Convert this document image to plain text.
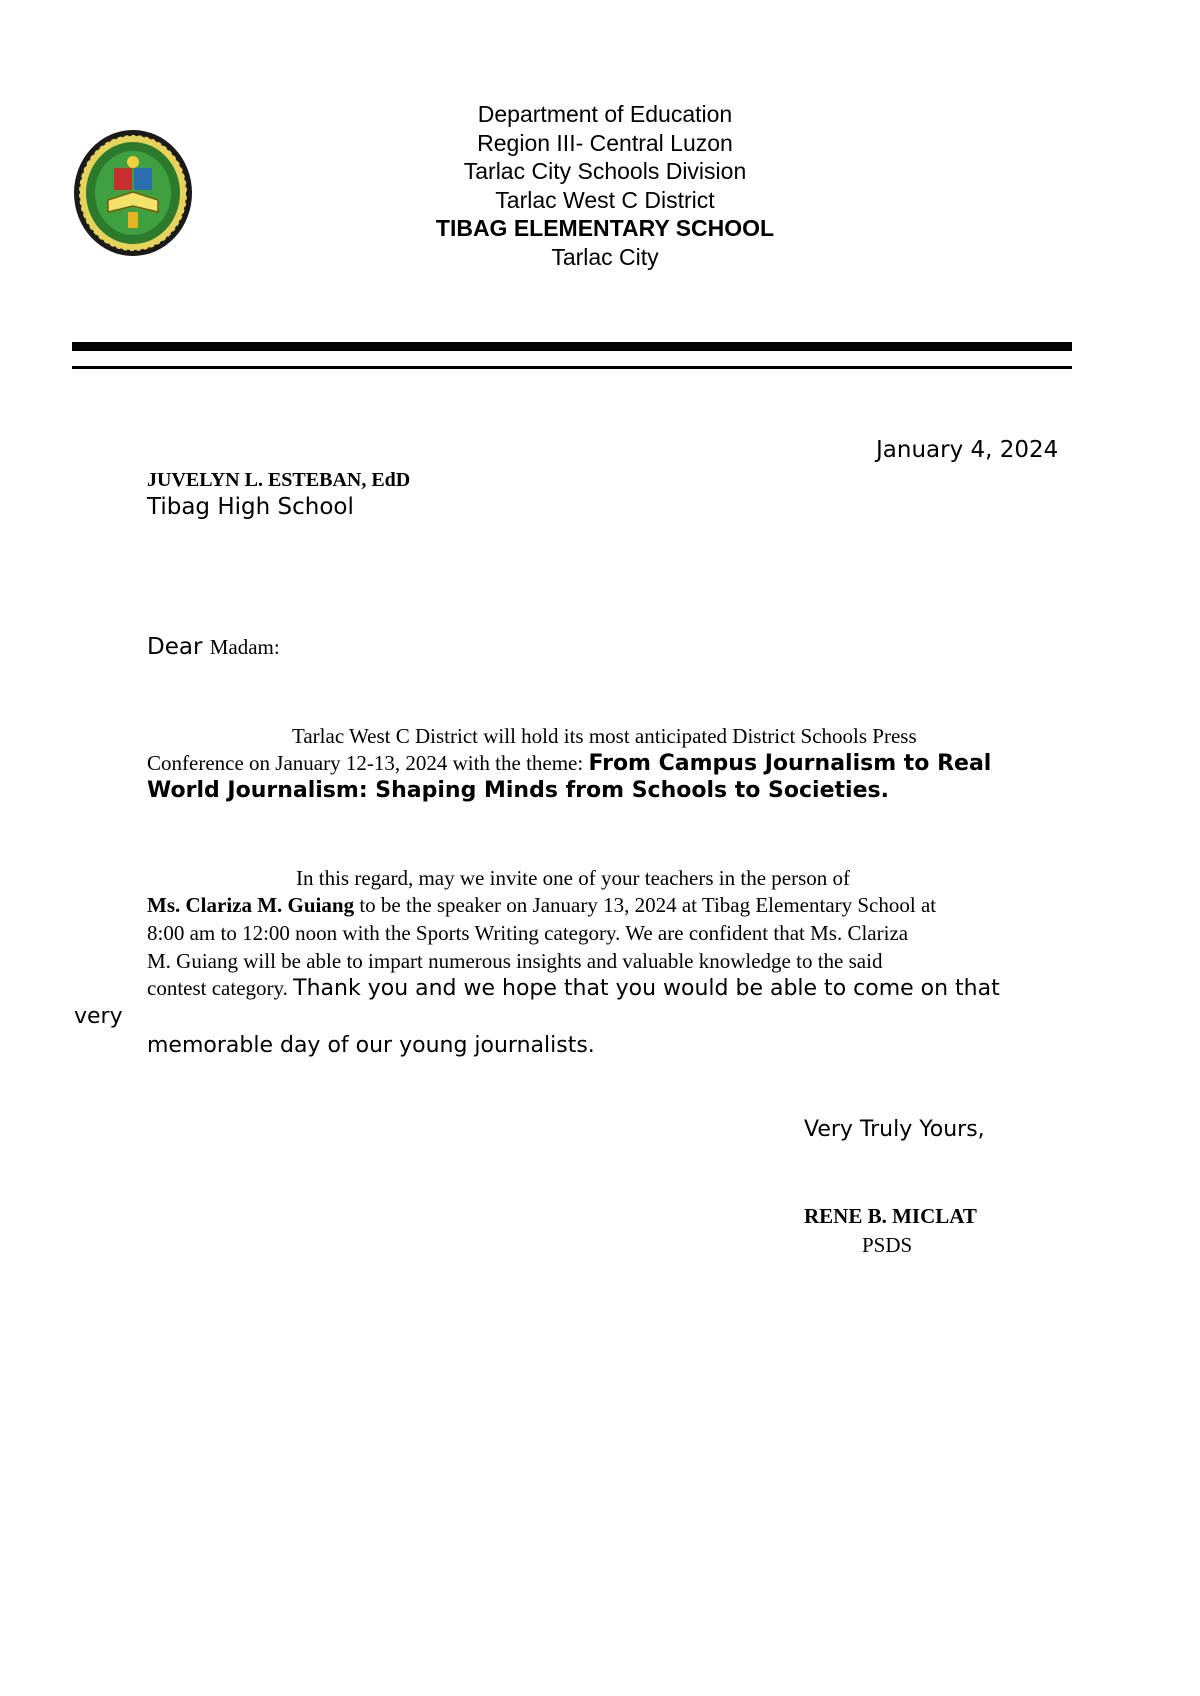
Department of Education
Region III- Central Luzon
Tarlac City Schools Division
Tarlac West C District
TIBAG ELEMENTARY SCHOOL
Tarlac City
January 4, 2024
JUVELYN L. ESTEBAN, EdD
Tibag High School
Dear Madam:
Tarlac West C District will hold its most anticipated District Schools Press
Conference on January 12-13, 2024 with the theme: From Campus Journalism to Real
World Journalism: Shaping Minds from Schools to Societies.
In this regard, may we invite one of your teachers in the person of
Ms. Clariza M. Guiang to be the speaker on January 13, 2024 at Tibag Elementary School at
8:00 am to 12:00 noon with the Sports Writing category. We are confident that Ms. Clariza
M. Guiang will be able to impart numerous insights and valuable knowledge to the said
contest category. Thank you and we hope that you would be able to come on that
very
memorable day of our young journalists.
Very Truly Yours,
RENE B. MICLAT
PSDS
